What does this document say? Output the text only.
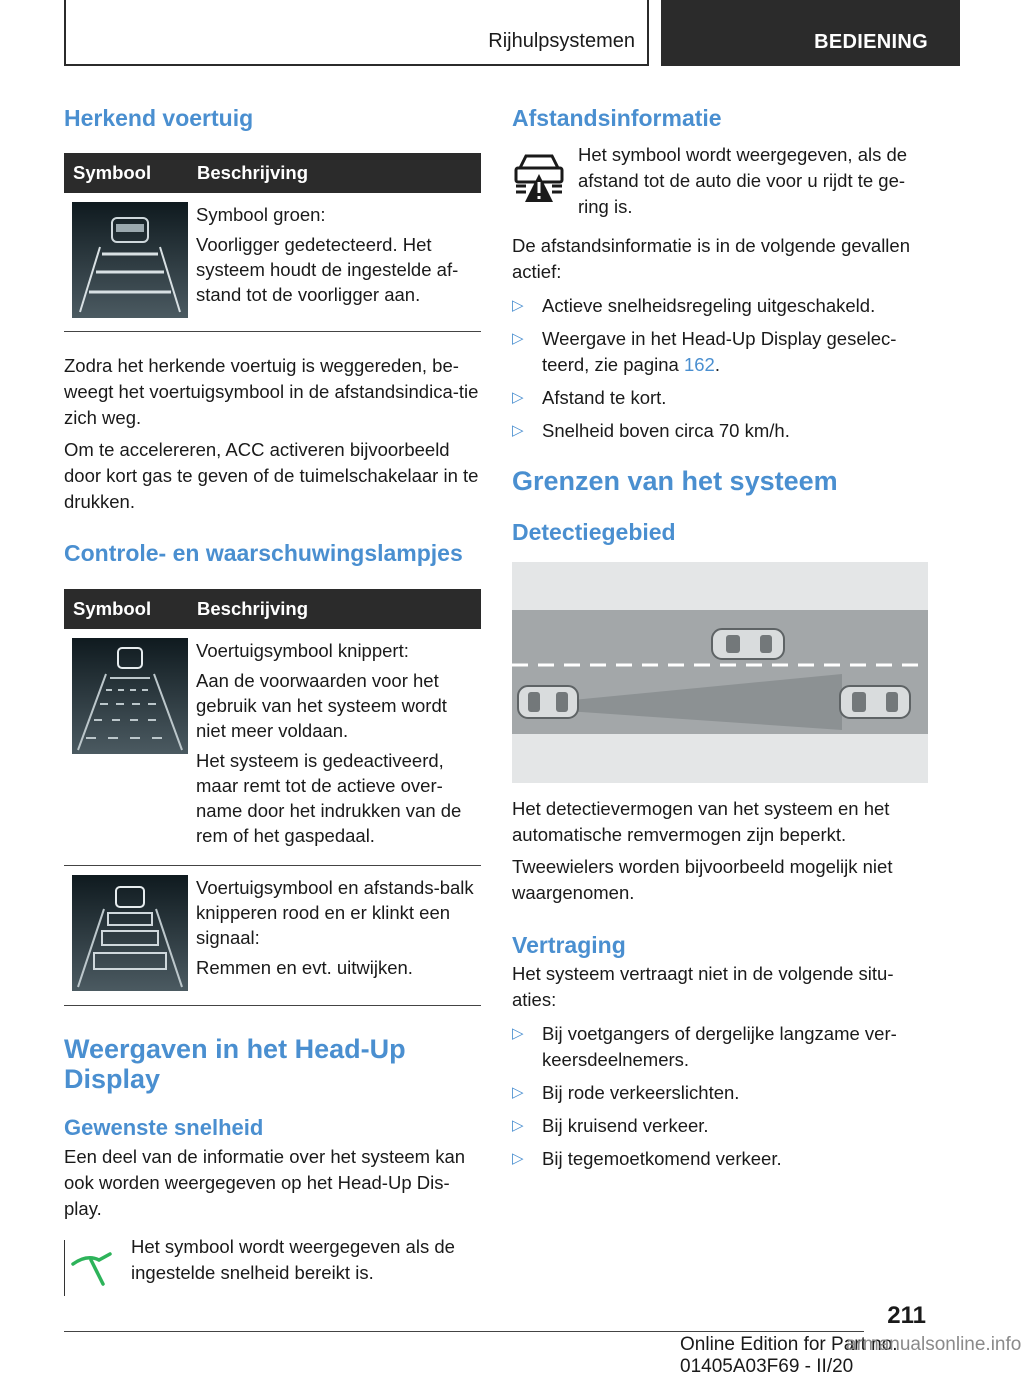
Rijhulpsystemen	BEDIENING
Herkend voertuig
Symbool	Beschrijving

Symbool groen:

Voorligger gedetecteerd. Het systeem houdt de ingestelde af-stand tot de voorligger aan.

Zodra het herkende voertuig is weggereden, be-weegt het voertuigsymbool in de afstandsindica-tie zich weg.

Om te accelereren, ACC activeren bijvoorbeeld door kort gas te geven of de tuimelschakelaar in te drukken.

Controle- en waarschuwingslampjes
Symbool	Beschrijving

Voertuigsymbool knippert:

Aan de voorwaarden voor het gebruik van het systeem wordt niet meer voldaan.

Het systeem is gedeactiveerd, maar remt tot de actieve over-name door het indrukken van de rem of het gaspedaal.

Voertuigsymbool en afstands-balk knipperen rood en er klinkt een signaal:

Remmen en evt. uitwijken.

Weergaven in het Head-Up Display
Gewenste snelheid

Een deel van de informatie over het systeem kan ook worden weergegeven op het Head-Up Dis-play.

Het symbool wordt weergegeven als de ingestelde snelheid bereikt is.

Afstandsinformatie

Het symbool wordt weergegeven, als de afstand tot de auto die voor u rijdt te ge-ring is.

De afstandsinformatie is in de volgende gevallen actief:

▷ Actieve snelheidsregeling uitgeschakeld.
▷ Weergave in het Head-Up Display geselec-teerd, zie pagina 162.
▷ Afstand te kort.
▷ Snelheid boven circa 70 km/h.
Grenzen van het systeem
Detectiegebied

Het detectievermogen van het systeem en het automatische remvermogen zijn beperkt.

Tweewielers worden bijvoorbeeld mogelijk niet waargenomen.

Vertraging

Het systeem vertraagt niet in de volgende situ-aties:

▷ Bij voetgangers of dergelijke langzame ver-keersdeelnemers.
▷ Bij rode verkeerslichten.
▷ Bij kruisend verkeer.
▷ Bij tegemoetkomend verkeer.
211
Online Edition for Part no. 01405A03F69 - II/20
armanualsonline.info
